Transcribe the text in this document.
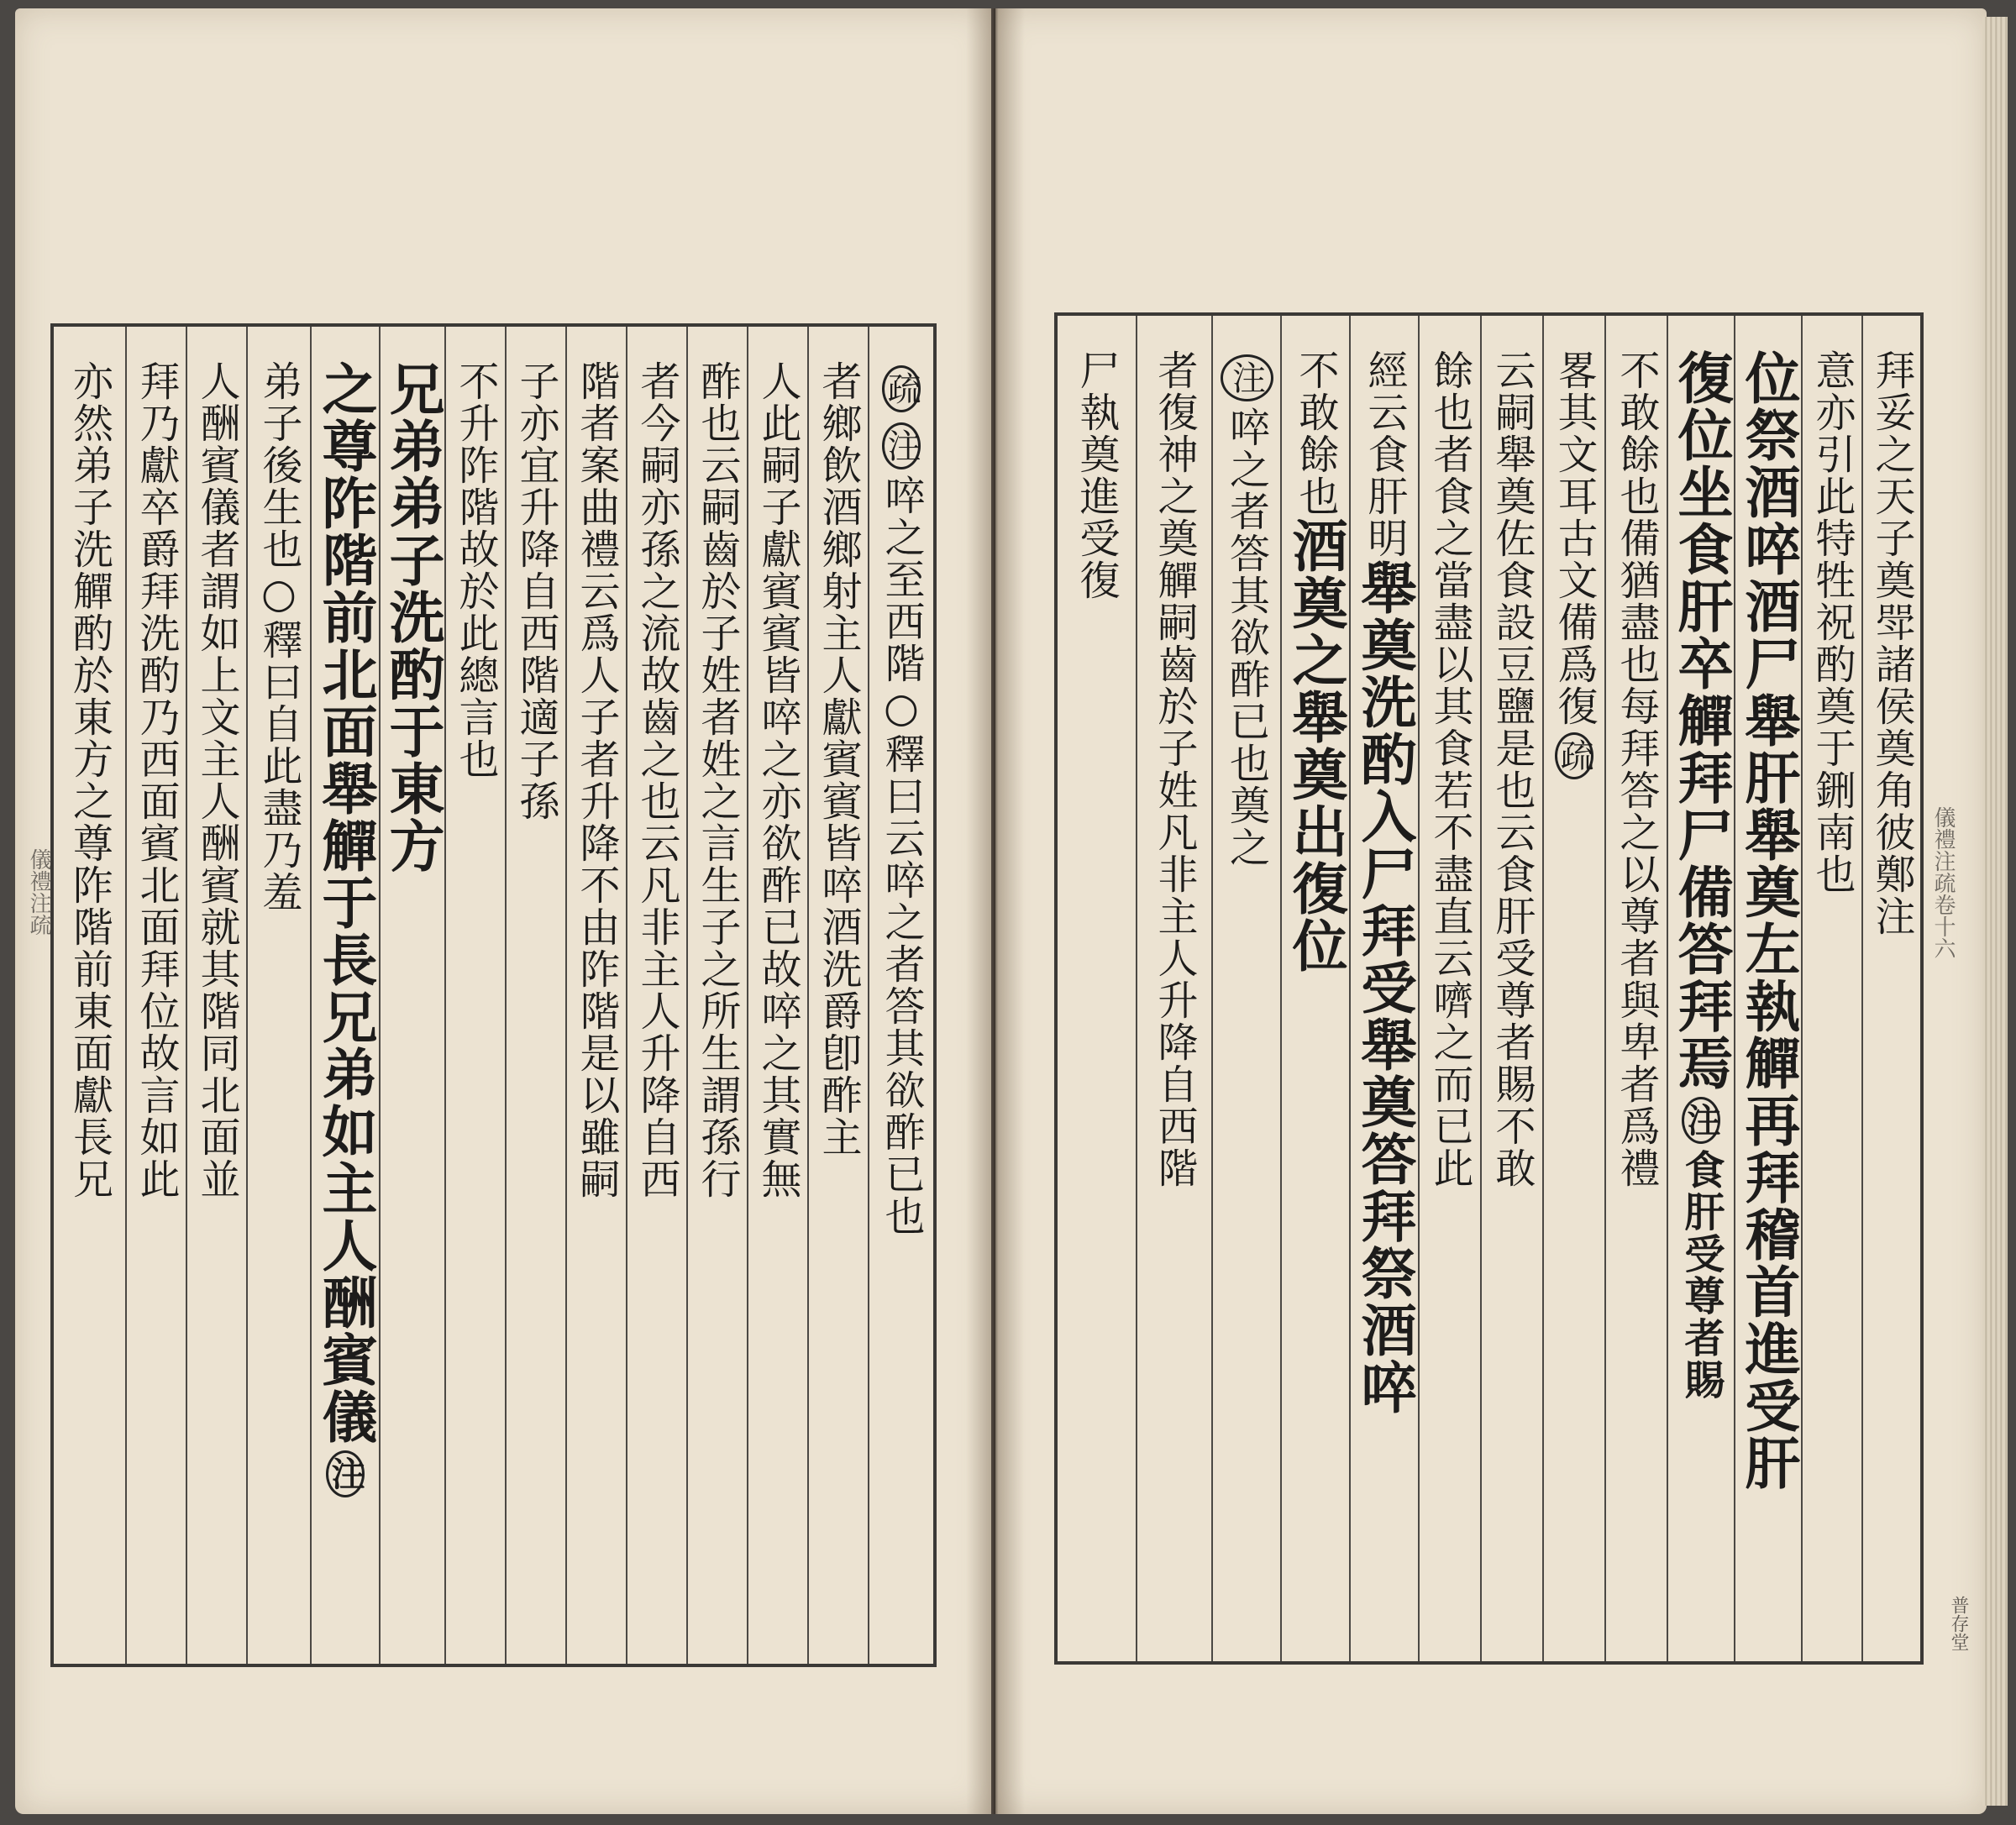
儀禮注疏	儀禮注疏卷十六
普存堂
疏注啐之至西階○釋曰云啐之者答其欲酢已也
者鄉飲酒鄉射主人獻賓賓皆啐酒洗爵卽酢主
人此嗣子獻賓賓皆啐之亦欲酢已故啐之其實無
酢也云嗣齒於子姓者姓之言生子之所生謂孫行
者今嗣亦孫之流故齒之也云凡非主人升降自西
階者案曲禮云爲人子者升降不由阼階是以雖嗣
子亦宜升降自西階適子孫
不升阼階故於此總言也
兄弟弟子洗酌于東方
之尊阼階前北面舉觶于長兄弟如主人酬賓儀注
弟子後生也○釋曰自此盡乃羞
人酬賓儀者謂如上文主人酬賓就其階同北面並
拜乃獻卒爵拜洗酌乃西面賓北面拜位故言如此
亦然弟子洗觶酌於東方之尊阼階前東面獻長兄	拜妥之天子奠斝諸侯奠角彼鄭注
意亦引此特牲祝酌奠于鉶南也
位祭酒啐酒尸舉肝舉奠左執觶再拜稽首進受肝
復位坐食肝卒觶拜尸備答拜焉注食肝受尊者賜
不敢餘也備猶盡也每拜答之以尊者與卑者爲禮
畧其文耳古文備爲復疏
云嗣舉奠佐食設豆鹽是也云食肝受尊者賜不敢
餘也者食之當盡以其食若不盡直云嚌之而已此
經云食肝明舉奠洗酌入尸拜受舉奠答拜祭酒啐
不敢餘也酒奠之舉奠出復位
注啐之者答其欲酢已也奠之
者復神之奠觶嗣齒於子姓凡非主人升降自西階
尸執奠進受復
